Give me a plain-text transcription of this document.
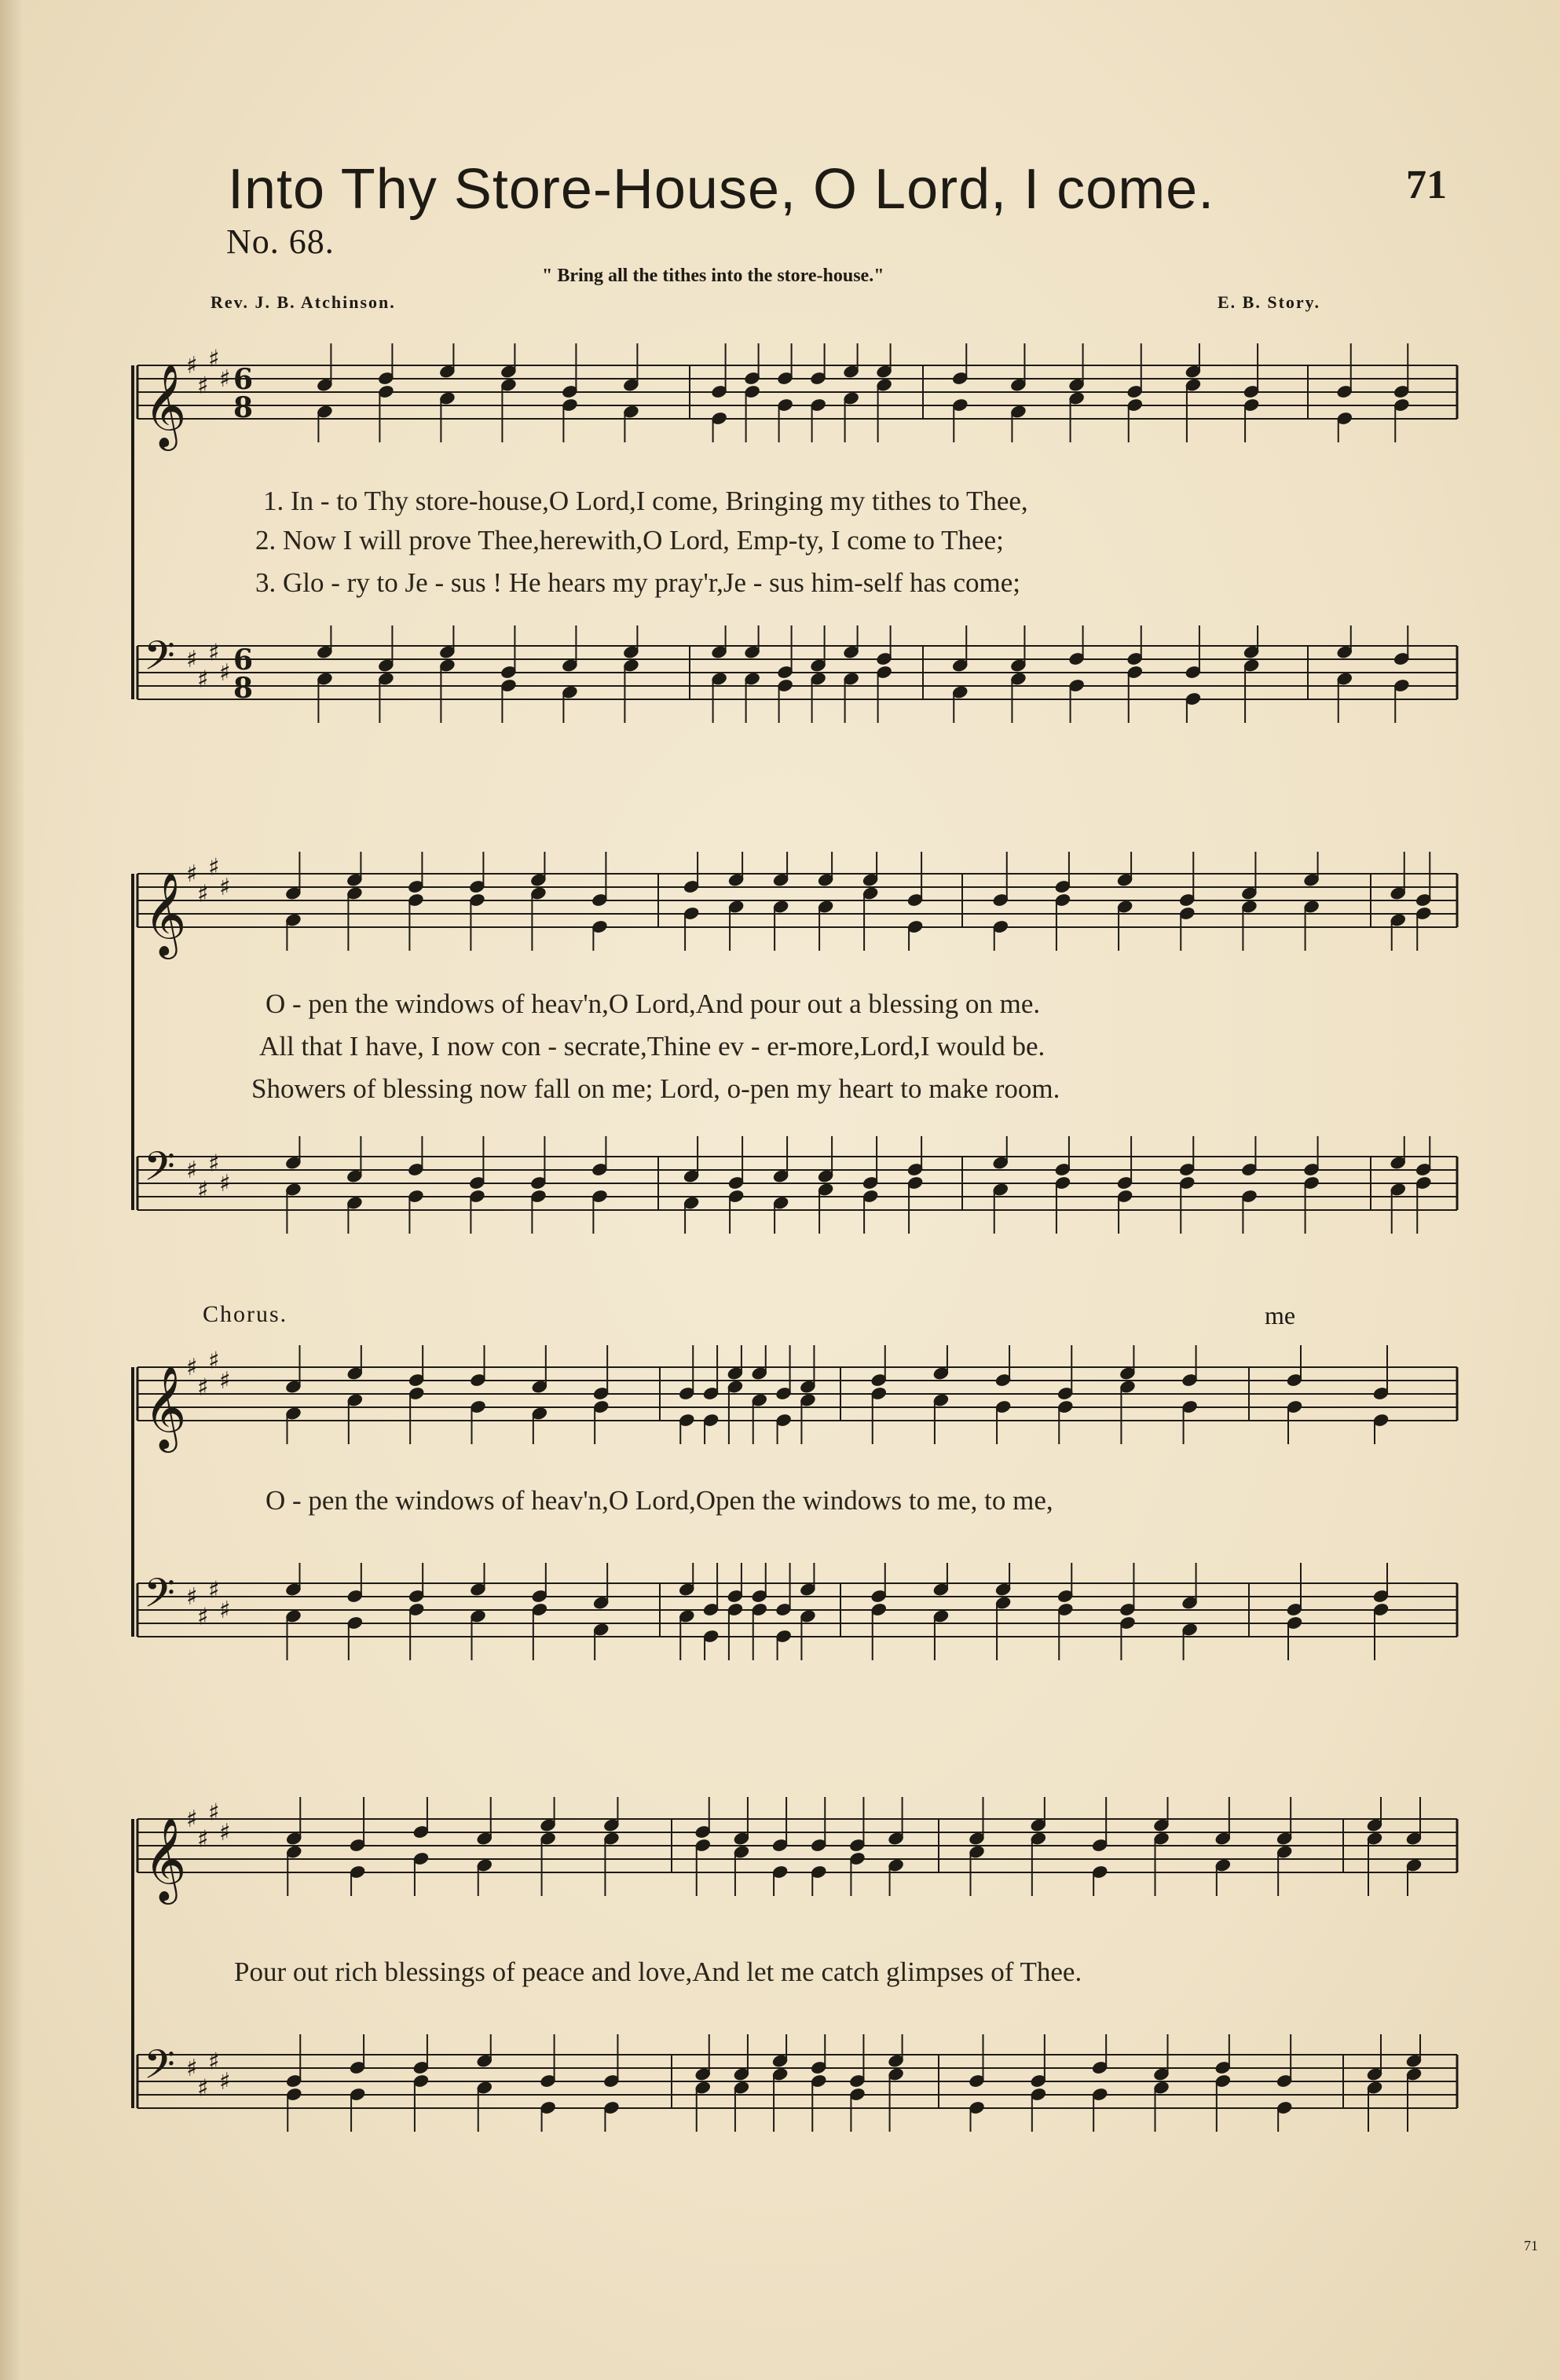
Into Thy Store-House, O Lord, I come.	71
No. 68.
" Bring all the tithes into the store-house."
Rev. J. B. Atchinson.	E. B. Story.
𝄞 ♯
♯
♯
♯ 6
8
𝄢 ♯
♯
♯
♯ 6
8
𝄞 ♯
♯
♯
♯
𝄢 ♯
♯
♯
♯
𝄞 ♯
♯
♯
♯
𝄢 ♯
♯
♯
♯
𝄞 ♯
♯
♯
♯
𝄢 ♯
♯
♯
♯
1. In - to Thy store-house,O Lord,I come, Bringing my tithes to Thee,
2. Now I will prove Thee,herewith,O Lord, Emp-ty, I come to Thee;
3. Glo - ry to Je - sus ! He hears my pray'r,Je - sus him-self has come;
O - pen the windows of heav'n,O Lord,And pour out a blessing on me.
All that I have, I now con - secrate,Thine ev - er-more,Lord,I would be.
Showers of blessing now fall on me; Lord, o-pen my heart to make room.
Chorus.	me
O - pen the windows of heav'n,O Lord,Open the windows to me, to me,
Pour out rich blessings of peace and love,And let me catch glimpses of Thee.
71
